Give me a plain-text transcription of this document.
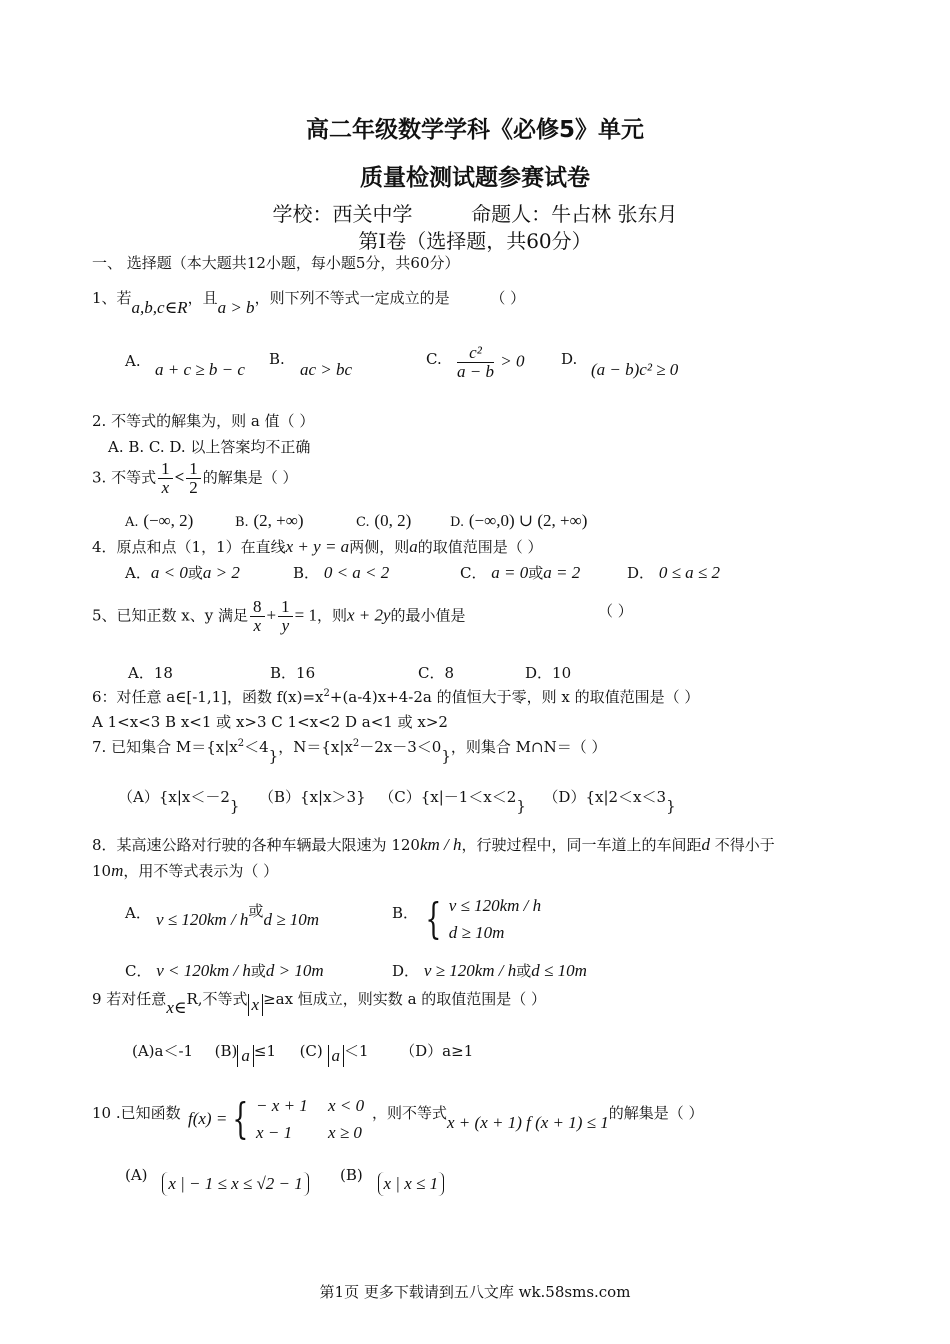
高二年级数学学科《必修5》单元
质量检测试题参赛试卷
学校：西关中学	命题人：牛占林 张东月
第I卷（选择题，共60分）
一、 选择题（本大题共12小题，每小题5分，共60分）
1、若a,b,c∈R，且a > b，则下列不等式一定成立的是	（ ）
A. a + c ≥ b − c
B.
ac > bc
C. $\frac{\text{c²}}{a - b} > 0$ D.
(a − b)c² ≥ 0
2. 不等式的解集为，则 a 值（ ）
A. B. C. D. 以上答案均不正确
3. 不等式 $\frac{1}{x} < \frac{1}{2}$ 的解集是（ ）
A. (−∞, 2)	B. (2, +∞)	C. (0, 2)	D. (−∞,0) ∪ (2, +∞)
4．原点和点（1，1）在直线x + y = a两侧，则a的取值范围是（ ）
A．a < 0或a > 2	B． 0 < a < 2	C． a = 0或a = 2	D． 0 ≤ a ≤ 2
5、已知正数 x、y 满足 $\frac{8}{x} + \frac{1}{y} = 1$，则x + 2y的最小值是	（ ）
A．18	B．16	C．8	D．10
6：对任意 a∈[-1,1]，函数 $f(x)=x^2+(a-4)x+4-2a$ 的值恒大于零，则 x 的取值范围是（ ）
A 1<x<3 B x<1 或 x>3 C 1<x<2 D a<1 或 x>2
7. 已知集合 $M=\{x|x^2<4\}$，$N=\{x|x^2-2x-3<0\}$，则集合 M∩N＝（ ）
（A）{x|x＜－2} （B）{x|x＞3} （C）{x|－1＜x＜2} （D）{x|2＜x＜3}
8．某高速公路对行驶的各种车辆最大限速为 120km / h，行驶过程中，同一车道上的车间距d 不得小于
10m，用不等式表示为（ ）
A． v ≤ 120km / h或d ≥ 10m	B． { v ≤ 120km / h
d ≥ 10m
C． v < 120km / h或d > 10m	D． v ≥ 120km / h或d ≤ 10m
9 若对任意x∈R,不等式 x ≥ax 恒成立，则实数 a 的取值范围是（ ）
(A)a＜-1 (B) a ≤1 (C) a ＜1 （D）a≥1
10 .已知函数 f(x) = { − x + 1 x < 0
x − 1 x ≥ 0
，则不等式x + (x + 1) f (x + 1) ≤ 1的解集是（ ）
(A) x | − 1 ≤ x ≤ √2 − 1	(B) x | x ≤ 1
第1页 更多下载请到五八文库 wk.58sms.com
